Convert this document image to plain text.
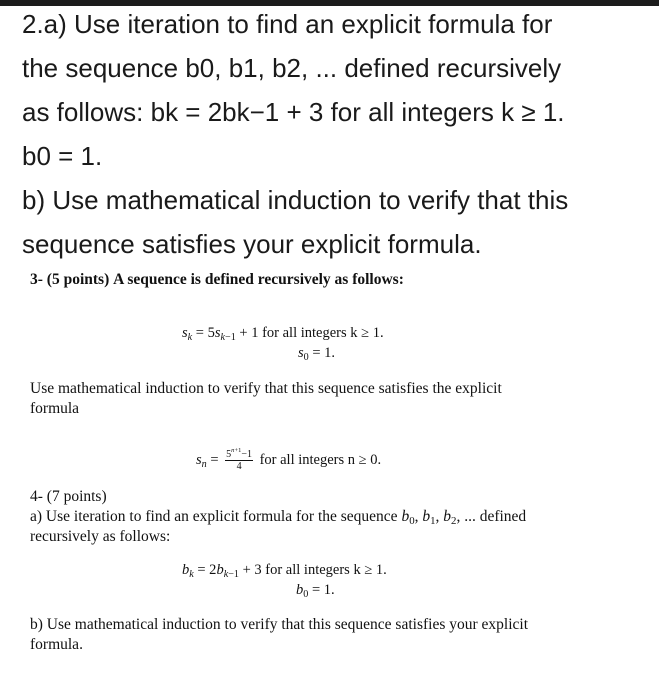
2.a) Use iteration to find an explicit formula for
the sequence b0, b1, b2, ... defined recursively
as follows: bk = 2bk−1 + 3 for all integers k ≥ 1.
b0 = 1.
b) Use mathematical induction to verify that this
sequence satisfies your explicit formula.
3- (5 points) A sequence is defined recursively as follows:
$s_k = 5s_{k-1} + 1$ for all integers k ≥ 1.
$s_0 = 1$.
Use mathematical induction to verify that this sequence satisfies the explicit
formula
$s_n = \frac{5^{n+1}-1}{4}$ for all integers n ≥ 0.
4- (7 points)
a) Use iteration to find an explicit formula for the sequence $b_0$, $b_1$, $b_2$, ... defined
recursively as follows:
$b_k = 2b_{k-1} + 3$ for all integers k ≥ 1.
$b_0 = 1$.
b) Use mathematical induction to verify that this sequence satisfies your explicit
formula.
